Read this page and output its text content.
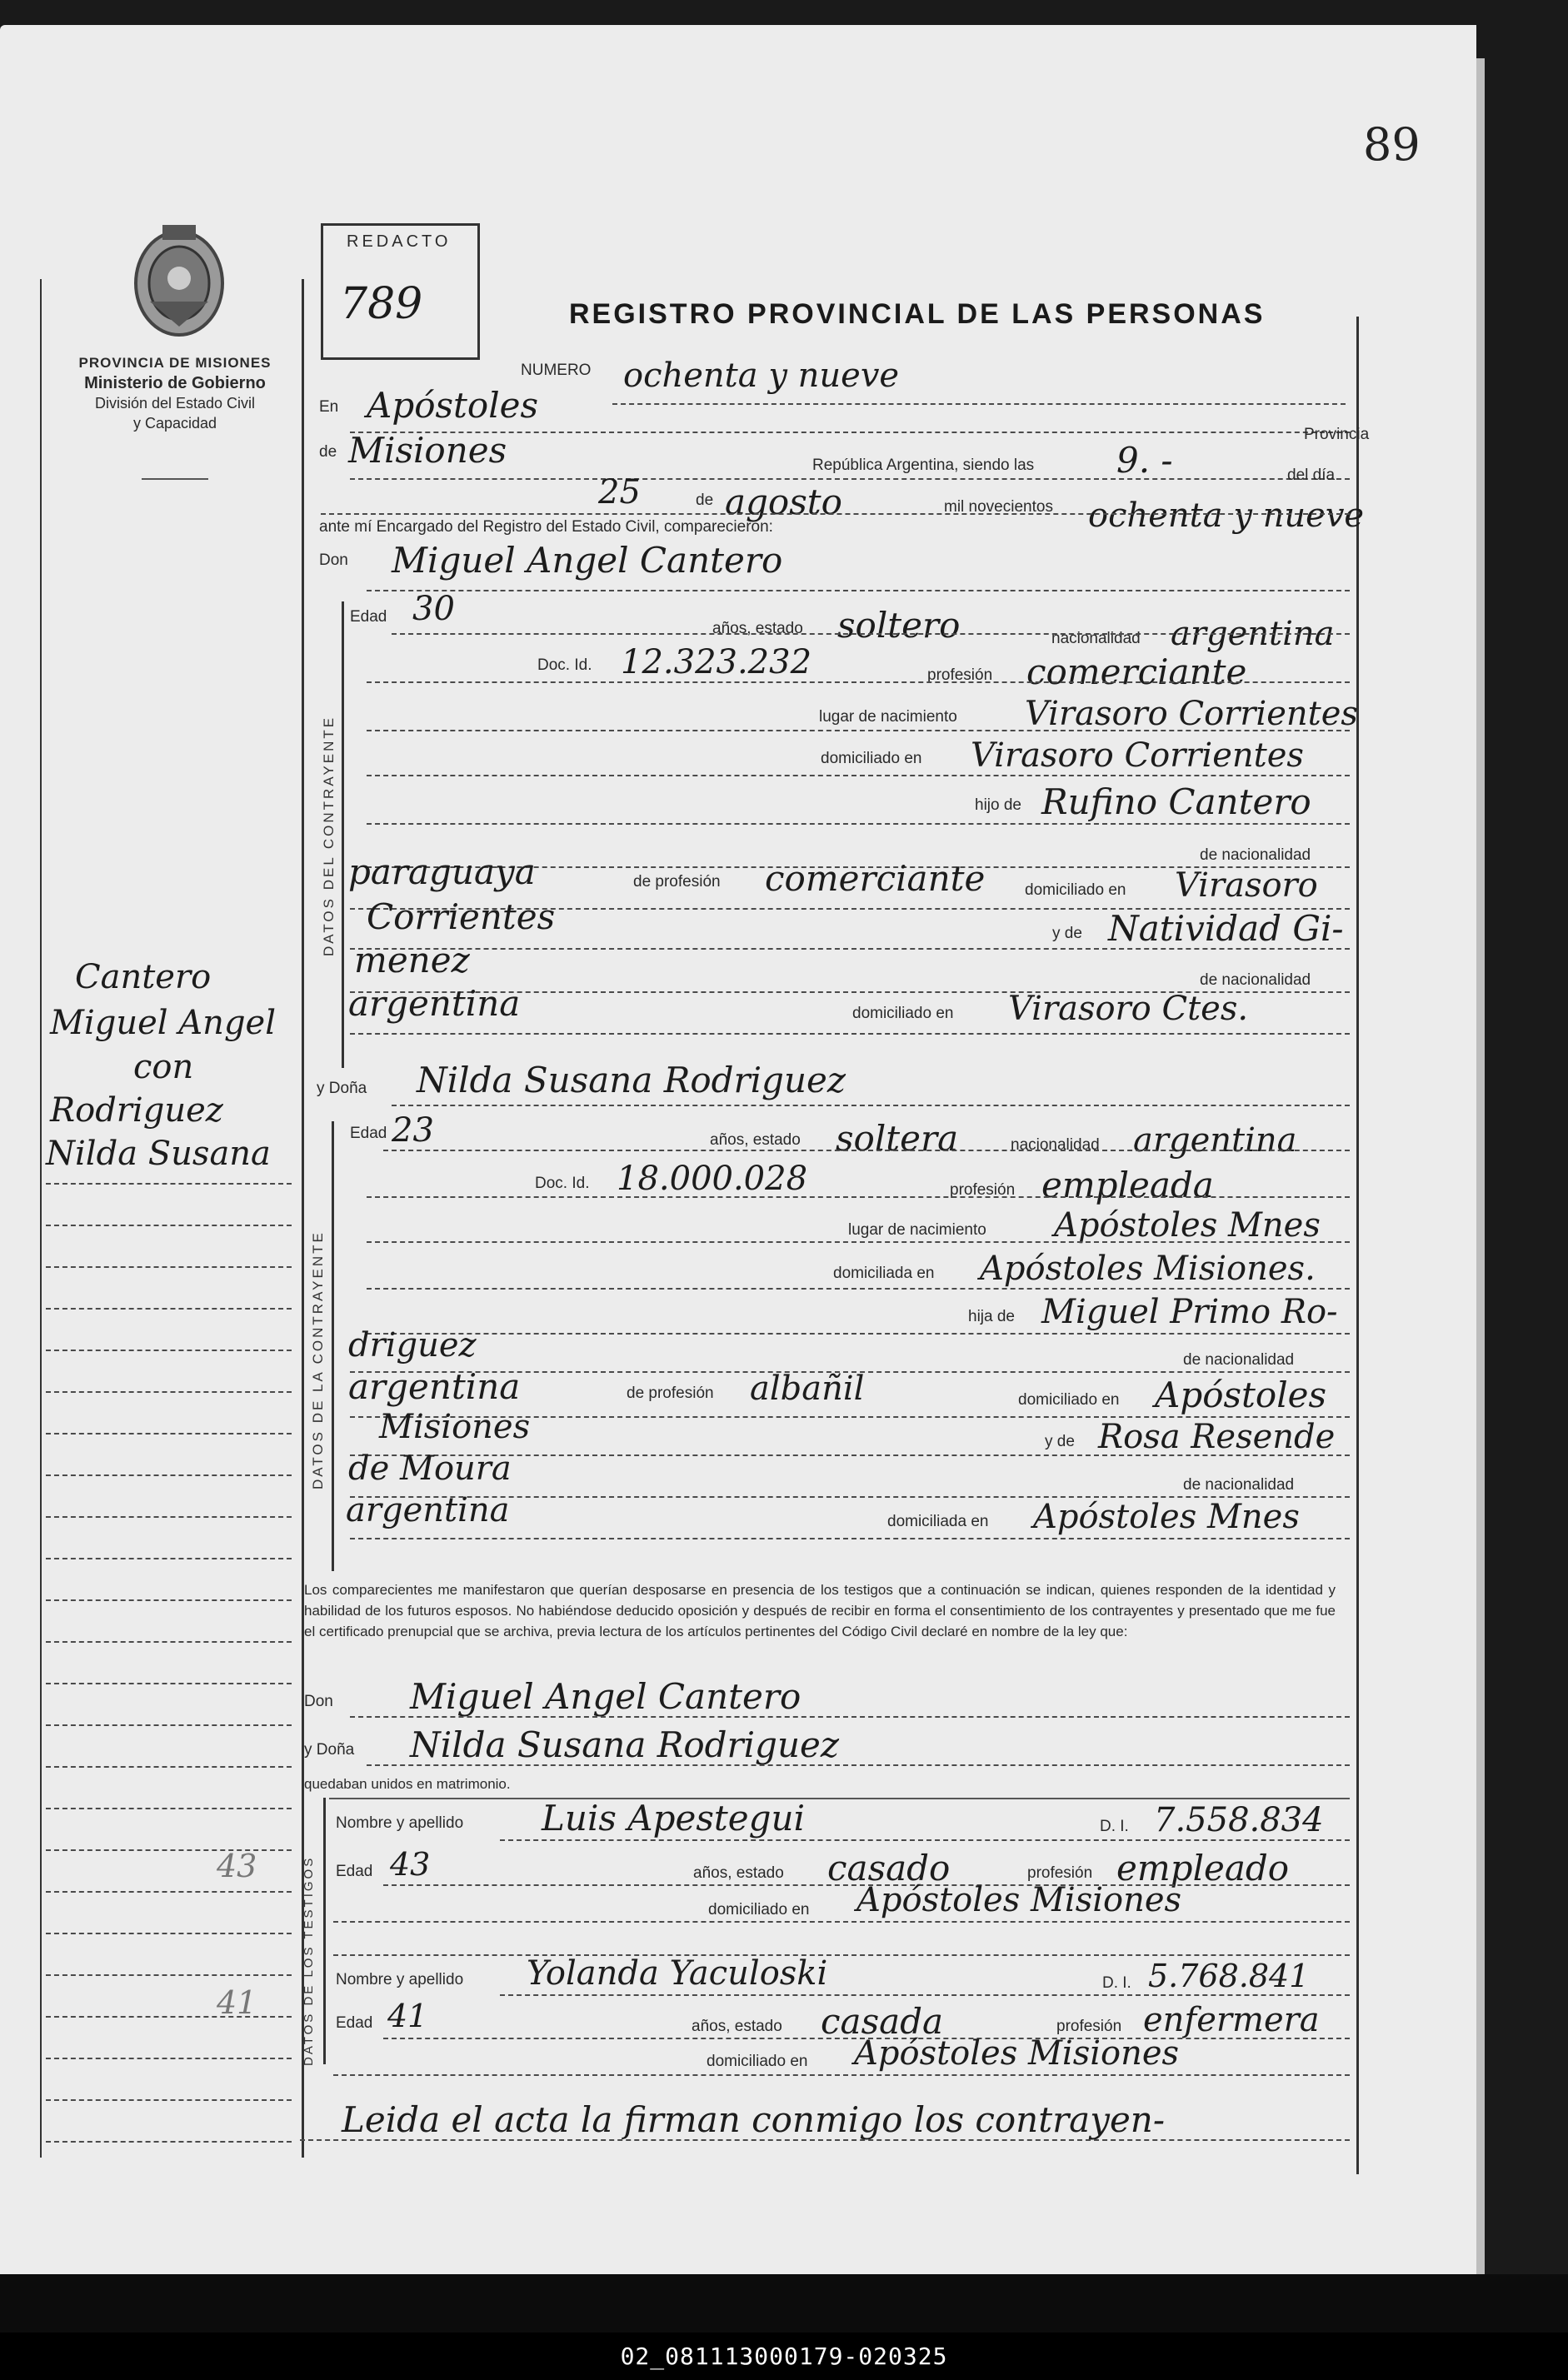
89
PROVINCIA DE MISIONES
Ministerio de Gobierno
División del Estado Civil
y Capacidad
REDACTO
789	REGISTRO PROVINCIAL DE LAS PERSONAS
Cantero
Miguel Angel
con
Rodriguez
Nilda Susana
43
41
NUMERO ochenta y nueve
En Apóstoles
de Misiones	Provincia
República Argentina, siendo las 9. -	del día
25	de agosto	mil novecientos ochenta y nueve
ante mí Encargado del Registro del Estado Civil, comparecieron:
Don Miguel Angel Cantero
DATOS DEL CONTRAYENTE
Edad 30
años, estado soltero	nacionalidad argentina
Doc. Id. 12.323.232	profesión comerciante
lugar de nacimiento Virasoro Corrientes
domiciliado en Virasoro Corrientes
hijo de Rufino Cantero
de nacionalidad
paraguaya	de profesión comerciante	domiciliado en Virasoro
Corrientes	y de Natividad Gi-
menez	de nacionalidad
argentina	domiciliado en Virasoro Ctes.
y Doña Nilda Susana Rodriguez
DATOS DE LA CONTRAYENTE
Edad 23	años, estado soltera	nacionalidad argentina
Doc. Id. 18.000.028	profesión empleada
lugar de nacimiento Apóstoles Mnes
domiciliada en Apóstoles Misiones.
hija de Miguel Primo Ro-
driguez	de nacionalidad
argentina	de profesión albañil	domiciliado en Apóstoles
Misiones	y de Rosa Resende
de Moura	de nacionalidad
argentina	domiciliada en Apóstoles Mnes
Los comparecientes me manifestaron que querían desposarse en presencia de los testigos que a continuación se indican, quienes responden de la identidad y habilidad de los futuros esposos. No habiéndose deducido oposición y después de recibir en forma el consentimiento de los contrayentes y presentado que me fue el certificado prenupcial que se archiva, previa lectura de los artículos pertinentes del Código Civil declaré en nombre de la ley que:
Don Miguel Angel Cantero
y Doña Nilda Susana Rodriguez
quedaban unidos en matrimonio.
DATOS DE LOS TESTIGOS
Nombre y apellido Luis Apestegui	D. I. 7.558.834
Edad 43	años, estado casado	profesión empleado
domiciliado en Apóstoles Misiones
Nombre y apellido Yolanda Yaculoski	D. I. 5.768.841
Edad 41	años, estado casada	profesión enfermera
domiciliado en Apóstoles Misiones
Leida el acta la firman conmigo los contrayen-
02_081113000179-020325
